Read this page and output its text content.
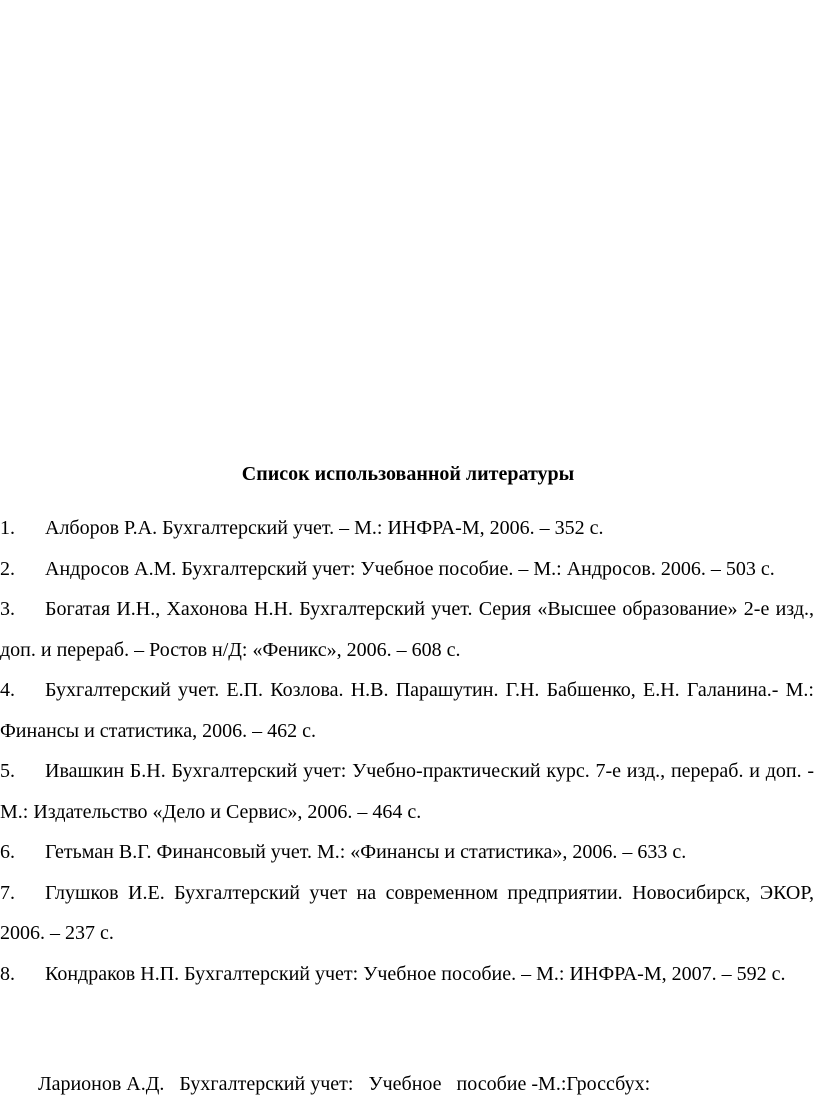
Список использованной литературы
1. Алборов Р.А. Бухгалтерский учет. – М.: ИНФРА-М, 2006. – 352 с.
2. Андросов А.М. Бухгалтерский учет: Учебное пособие. – М.: Андросов. 2006. – 503 с.
3. Богатая И.Н., Хахонова Н.Н. Бухгалтерский учет. Серия «Высшее образование» 2-е изд., доп. и перераб. – Ростов н/Д: «Феникс», 2006. – 608 с.
4. Бухгалтерский учет. Е.П. Козлова. Н.В. Парашутин. Г.Н. Бабшенко, Е.Н. Галанина.- М.: Финансы и статистика, 2006. – 462 с.
5. Ивашкин Б.Н. Бухгалтерский учет: Учебно-практический курс. 7-е изд., перераб. и доп. - М.: Издательство «Дело и Сервис», 2006. – 464 с.
6. Гетьман В.Г. Финансовый учет. М.: «Финансы и статистика», 2006. – 633 с.
7. Глушков И.Е. Бухгалтерский учет на современном предприятии. Новосибирск, ЭКОР, 2006. – 237 с.
8. Кондраков Н.П. Бухгалтерский учет: Учебное пособие. – М.: ИНФРА-М, 2007. – 592 с.

Ларионов А.Д.   Бухгалтерский учет:   Учебное   пособие -М.:Гроссбух:
